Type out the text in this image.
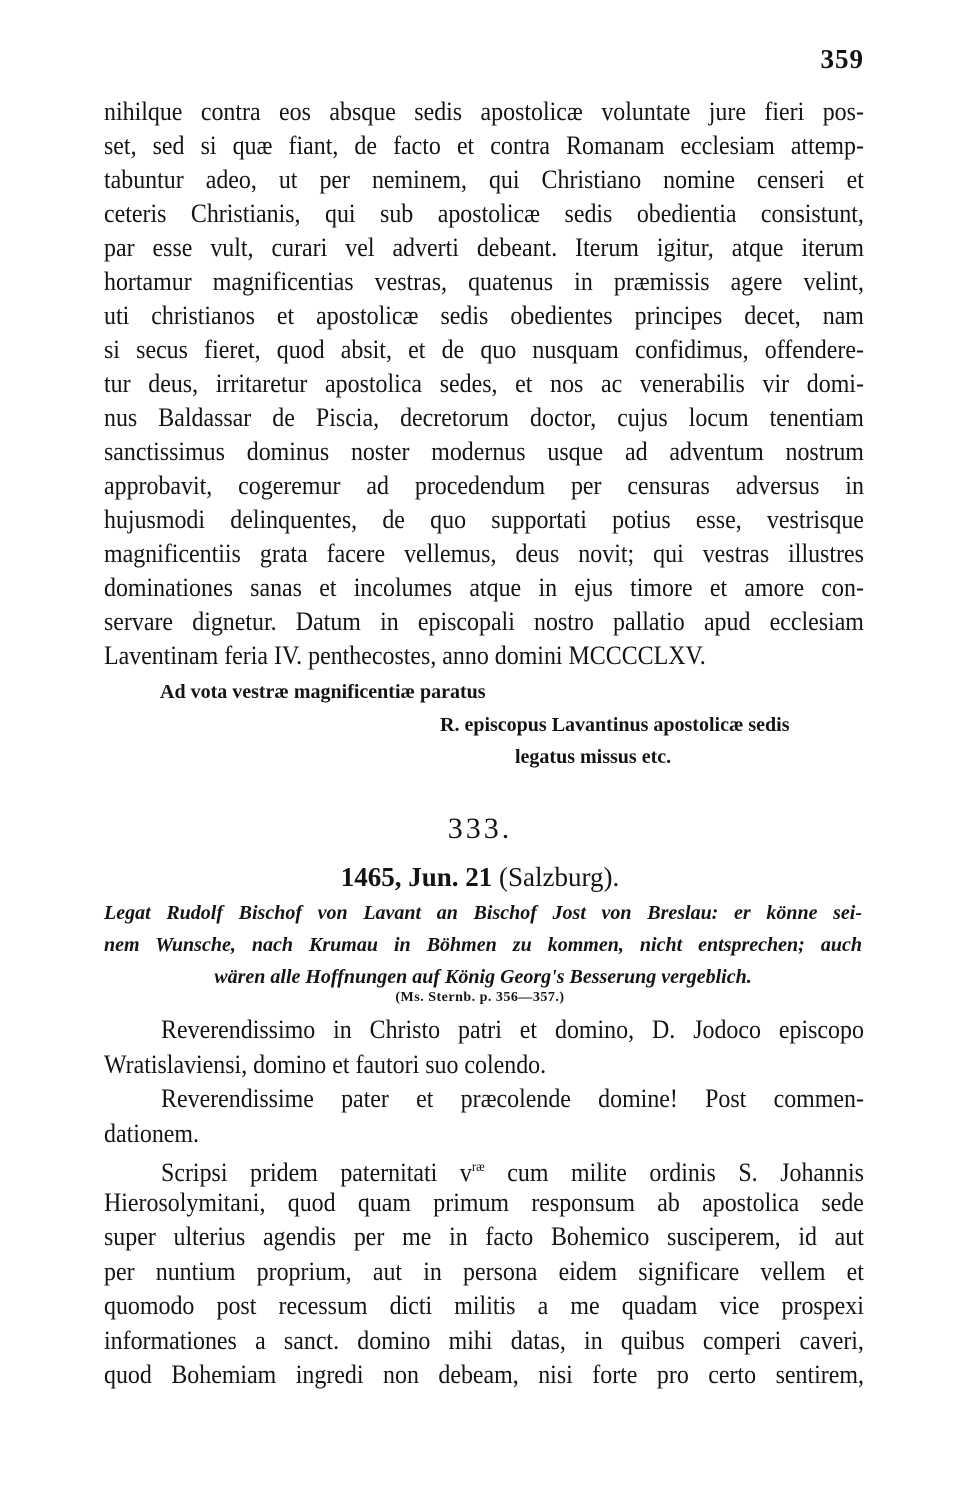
359
nihilque contra eos absque sedis apostolicæ voluntate jure fieri pos-
set, sed si quæ fiant, de facto et contra Romanam ecclesiam attemp-
tabuntur adeo, ut per neminem, qui Christiano nomine censeri et
ceteris Christianis, qui sub apostolicæ sedis obedientia consistunt,
par esse vult, curari vel adverti debeant. Iterum igitur, atque iterum
hortamur magnificentias vestras, quatenus in præmissis agere velint,
uti christianos et apostolicæ sedis obedientes principes decet, nam
si secus fieret, quod absit, et de quo nusquam confidimus, offendere-
tur deus, irritaretur apostolica sedes, et nos ac venerabilis vir domi-
nus Baldassar de Piscia, decretorum doctor, cujus locum tenentiam
sanctissimus dominus noster modernus usque ad adventum nostrum
approbavit, cogeremur ad procedendum per censuras adversus in
hujusmodi delinquentes, de quo supportati potius esse, vestrisque
magnificentiis grata facere vellemus, deus novit; qui vestras illustres
dominationes sanas et incolumes atque in ejus timore et amore con-
servare dignetur. Datum in episcopali nostro pallatio apud ecclesiam
Laventinam feria IV. penthecostes, anno domini MCCCCLXV.
Ad vota vestræ magnificentiæ paratus
R. episcopus Lavantinus apostolicæ sedis
legatus missus etc.
333.
1465, Jun. 21 (Salzburg).
Legat Rudolf Bischof von Lavant an Bischof Jost von Breslau: er könne sei-
nem Wunsche, nach Krumau in Böhmen zu kommen, nicht entsprechen; auch
wären alle Hoffnungen auf König Georg's Besserung vergeblich.
(Ms. Sternb. p. 356—357.)
Reverendissimo in Christo patri et domino, D. Jodoco episcopo
Wratislaviensi, domino et fautori suo colendo.
Reverendissime pater et præcolende domine! Post commen-
dationem.
Scripsi pridem paternitati $v^{ræ}$ cum milite ordinis S. Johannis
Hierosolymitani, quod quam primum responsum ab apostolica sede
super ulterius agendis per me in facto Bohemico susciperem, id aut
per nuntium proprium, aut in persona eidem significare vellem et
quomodo post recessum dicti militis a me quadam vice prospexi
informationes a sanct. domino mihi datas, in quibus comperi caveri,
quod Bohemiam ingredi non debeam, nisi forte pro certo sentirem,
